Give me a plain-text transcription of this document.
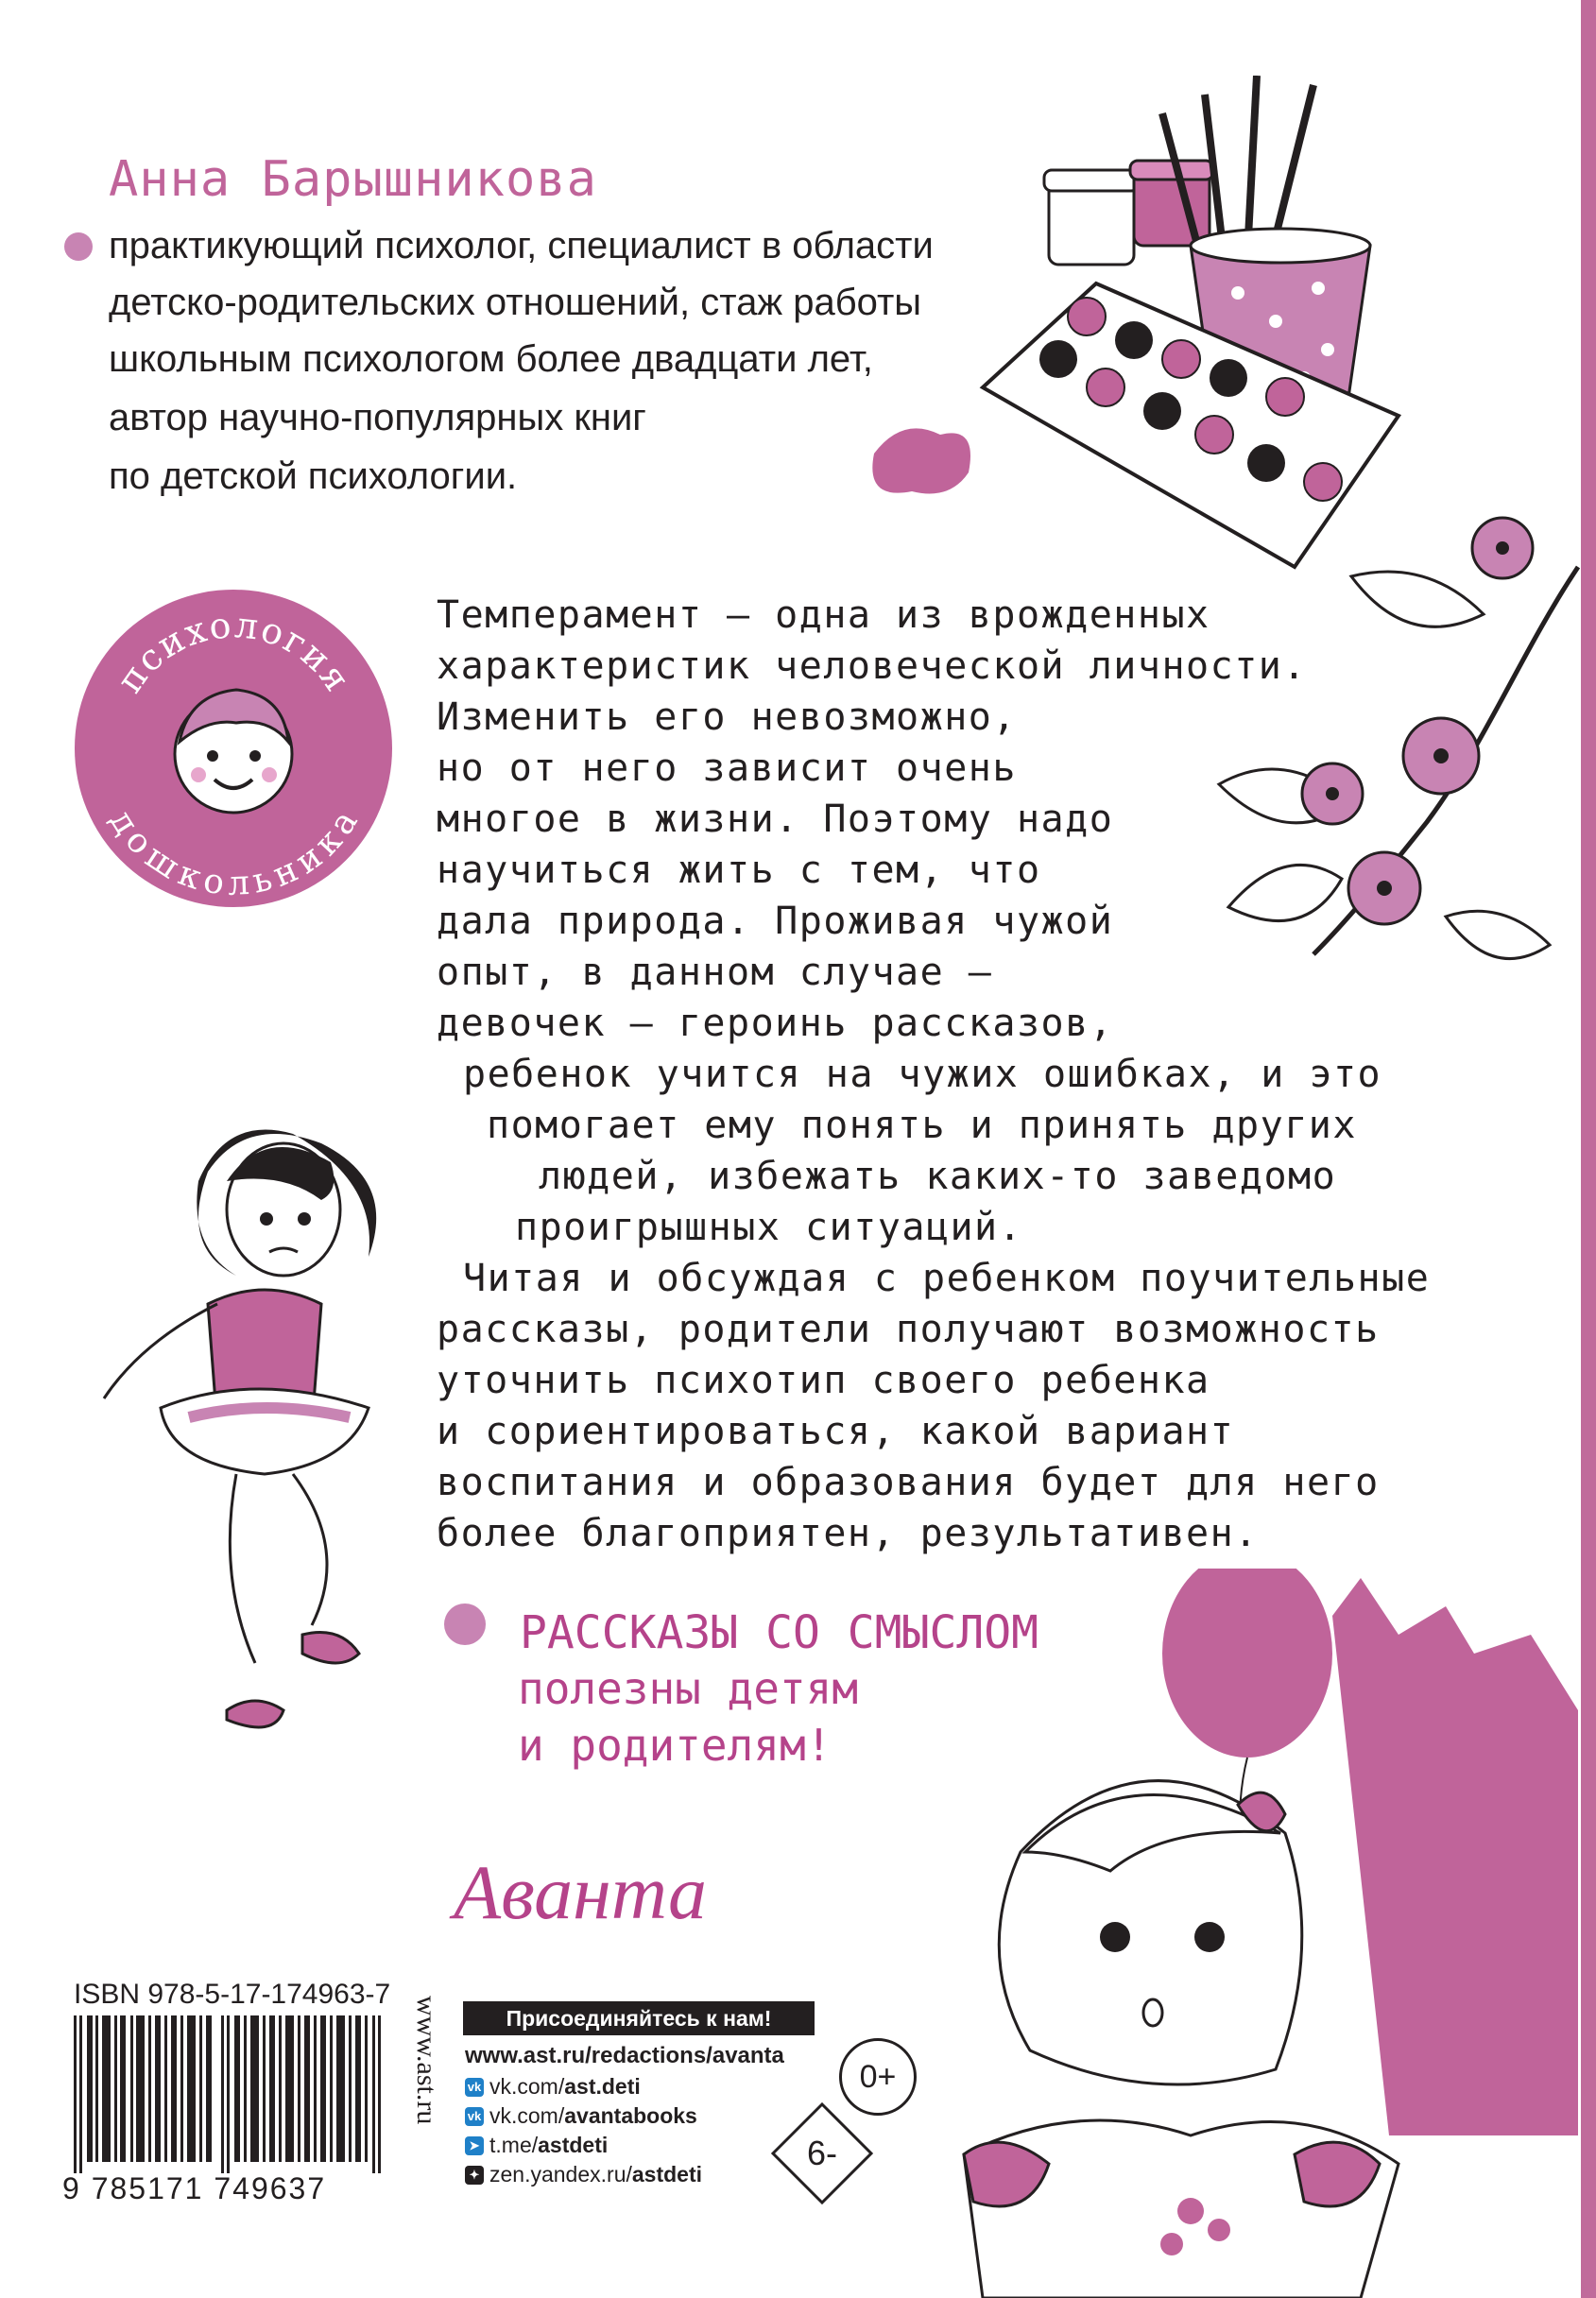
Анна Барышникова
практикующий психолог, специалист в области
детско-родительских отношений, стаж работы
школьным психологом более двадцати лет,
автор научно-популярных книг
по детской психологии.
психология
дошкольника
Темперамент — одна из врожденных
характеристик человеческой личности.
Изменить его невозможно,
но от него зависит очень
многое в жизни. Поэтому надо
научиться жить с тем, что
дала природа. Проживая чужой
опыт, в данном случае —
девочек — героинь рассказов,
ребенок учится на чужих ошибках, и это
помогает ему понять и принять других
людей, избежать каких-то заведомо
проигрышных ситуаций.
Читая и обсуждая с ребенком поучительные
рассказы, родители получают возможность
уточнить психотип своего ребенка
и сориентироваться, какой вариант
воспитания и образования будет для него
более благоприятен, результативен.
РАССКАЗЫ СО СМЫСЛОМ
полезны детям
и родителям!
Аванта
ISBN 978-5-17-174963-7
9 785171 749637
www.ast.ru	Присоединяйтесь к нам!
www.ast.ru/redactions/avanta
vk vk.com/ ast.deti
vk vk.com/ avantabooks
➤ t.me/ astdeti
✦ zen.yandex.ru/ astdeti
0+
6-
